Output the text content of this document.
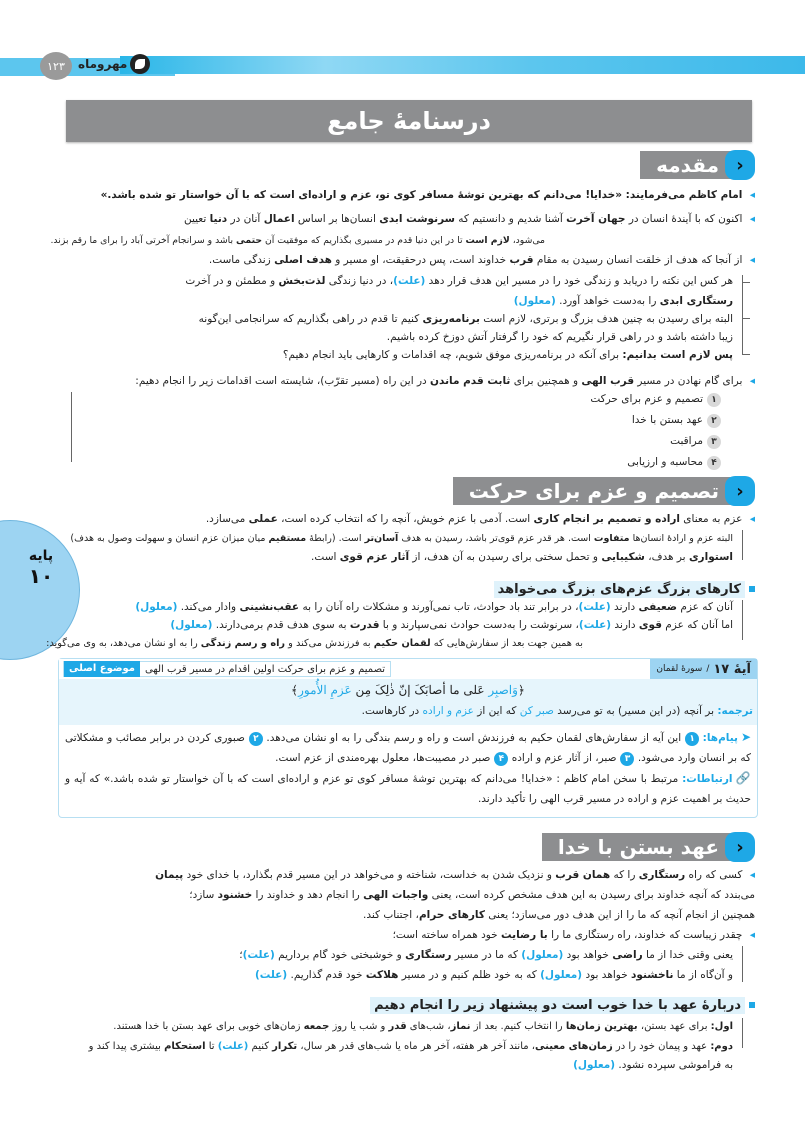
۱۲۳	مهروماه
درسنامهٔ جامع
پایه
۱۰
‹
مقدمه
◂ امام کاظم می‌فرمایند: «خدایا! می‌دانم که بهترین توشهٔ مسافر کوی تو، عزم و اراده‌ای است که با آن خواستار تو شده باشد.»
◂ اکنون که با آیندهٔ انسان در جهان آخرت آشنا شدیم و دانستیم که سرنوشت ابدی انسان‌ها بر اساس اعمال آنان در دنیا تعیین
می‌شود، لازم است تا در این دنیا قدم در مسیری بگذاریم که موفقیت آن حتمی باشد و سرانجام آخرتی آباد را برای ما رقم بزند.
◂ از آنجا که هدف از خلقت انسان رسیدن به مقام قرب خداوند است، پس درحقیقت، او مسیر و هدف اصلی زندگی ماست.
هر کس این نکته را دریابد و زندگی خود را در مسیر این هدف قرار دهد (علت)، در دنیا زندگی لذت‌بخش و مطمئن و در آخرت
رستگاری ابدی را به‌دست خواهد آورد. (معلول)
البته برای رسیدن به چنین هدف بزرگ و برتری، لازم است برنامه‌ریزی کنیم تا قدم در راهی بگذاریم که سرانجامی این‌گونه
زیبا داشته باشد و در راهی قرار نگیریم که خود را گرفتار آتش دوزخ کرده باشیم.
پس لازم است بدانیم: برای آنکه در برنامه‌ریزی موفق شویم، چه اقدامات و کارهایی باید انجام دهیم؟
◂ برای گام نهادن در مسیر قرب الهی و همچنین برای ثابت قدم ماندن در این راه (مسیر تقرّب)، شایسته است اقدامات زیر را انجام دهیم:
۱تصمیم و عزم برای حرکت
۲عهد بستن با خدا
۳مراقبت
۴محاسبه و ارزیابی
‹
تصمیم و عزم برای حرکت
◂ عزم به معنای اراده و تصمیم بر انجام کاری است. آدمی با عزم خویش، آنچه را که انتخاب کرده است، عملی می‌سازد.
البته عزم و ارادهٔ انسان‌ها متفاوت است. هر قدر عزم قوی‌تر باشد، رسیدن به هدف آسان‌تر است. (رابطهٔ مستقیم میان میزان عزم انسان و سهولت وصول به هدف)
استواری بر هدف، شکیبایی و تحمل سختی برای رسیدن به آن هدف، از آثار عزم قوی است.
کارهای بزرگ عزم‌های بزرگ می‌خواهد
آنان که عزم ضعیفی دارند (علت)، در برابر تند باد حوادث، تاب نمی‌آورند و مشکلات راه آنان را به عقب‌نشینی وادار می‌کند. (معلول)
اما آنان که عزم قوی دارند (علت)، سرنوشت را به‌دست حوادث نمی‌سپارند و با قدرت به سوی هدف قدم برمی‌دارند. (معلول)
به همین جهت بعد از سفارش‌هایی که لقمان حکیم به فرزندش می‌کند و راه و رسم زندگی را به او نشان می‌دهد، به وی می‌گوید:
آیهٔ ۱۷
/
سورهٔ لقمان
تصمیم و عزم برای حرکت اولین اقدام در مسیر قرب الهی
موضوع اصلی
﴿وَاصبِر عَلی ما أصابَکَ إنّ ذٰلِکَ مِن عَزمِ الأُمورِ﴾
ترجمه: بر آنچه (در این مسیر) به تو می‌رسد صبر کن که این از عزم و اراده در کارهاست.
➤پیام‌ها: ۱این آیه از سفارش‌های لقمان حکیم به فرزندش است و راه و رسم بندگی را به او نشان می‌دهد. ۲صبوری کردن در برابر مصائب و مشکلاتی که بر انسان وارد می‌شود. ۳صبر، از آثار عزم و اراده ۴صبر در مصیبت‌ها، معلول بهره‌مندی از عزم است.
🔗ارتباطات: مرتبط با سخن امام کاظم : «خدایا! می‌دانم که بهترین توشهٔ مسافر کوی تو عزم و اراده‌ای است که با آن خواستار تو شده باشد.» که آیه و حدیث بر اهمیت عزم و اراده در مسیر قرب الهی را تأکید دارند.
‹
عهد بستن با خدا
◂ کسی که راه رستگاری را که همان قرب و نزدیک شدن به خداست، شناخته و می‌خواهد در این مسیر قدم بگذارد، با خدای خود پیمان
می‌بندد که آنچه خداوند برای رسیدن به این هدف مشخص کرده است، یعنی واجبات الهی را انجام دهد و خداوند را خشنود سازد؛
همچنین از انجام آنچه که ما را از این هدف دور می‌سازد؛ یعنی کارهای حرام، اجتناب کند.
◂ چقدر زیباست که خداوند، راه رستگاری ما را با رضایت خود همراه ساخته است؛
یعنی وقتی خدا از ما راضی خواهد بود (معلول) که ما در مسیر رستگاری و خوشبختی خود گام برداریم (علت)؛
و آن‌گاه از ما ناخشنود خواهد بود (معلول) که به خود ظلم کنیم و در مسیر هلاکت خود قدم گذاریم. (علت)
دربارهٔ عهد با خدا خوب است دو پیشنهاد زیر را انجام دهیم
اول: برای عهد بستن، بهترین زمان‌ها را انتخاب کنیم. بعد از نماز، شب‌های قدر و شب یا روز جمعه زمان‌های خوبی برای عهد بستن با خدا هستند.
دوم: عهد و پیمان خود را در زمان‌های معینی، مانند آخر هر هفته، آخر هر ماه یا شب‌های قدر هر سال، تکرار کنیم (علت) تا استحکام بیشتری پیدا کند و
به فراموشی سپرده نشود. (معلول)
